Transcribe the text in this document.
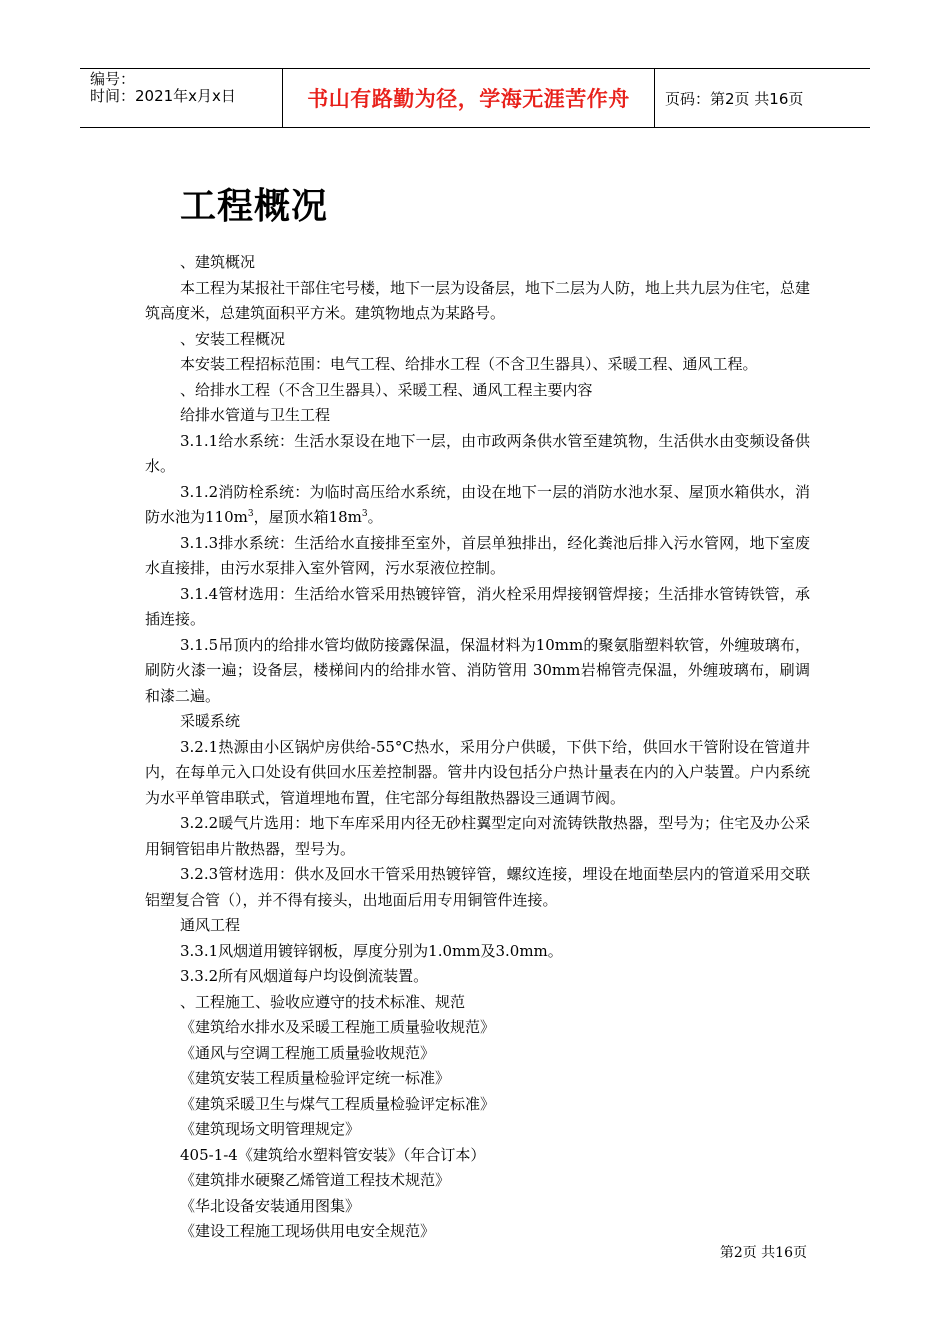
编号：
时间：2021年x月x日	书山有路勤为径，学海无涯苦作舟	页码：第2页 共16页
工程概况

、建筑概况

本工程为某报社干部住宅号楼，地下一层为设备层，地下二层为人防，地上共九层为住宅，总建筑高度米，总建筑面积平方米。建筑物地点为某路号。

、安装工程概况

本安装工程招标范围：电气工程、给排水工程（不含卫生器具）、采暖工程、通风工程。

、给排水工程（不含卫生器具）、采暖工程、通风工程主要内容

给排水管道与卫生工程

3.1.1给水系统：生活水泵设在地下一层，由市政两条供水管至建筑物，生活供水由变频设备供水。

3.1.2消防栓系统：为临时高压给水系统，由设在地下一层的消防水池水泵、屋顶水箱供水，消防水池为$110m^3$，屋顶水箱$18m^3$。

3.1.3排水系统：生活给水直接排至室外，首层单独排出，经化粪池后排入污水管网，地下室废水直接排，由污水泵排入室外管网，污水泵液位控制。

3.1.4管材选用：生活给水管采用热镀锌管，消火栓采用焊接钢管焊接；生活排水管铸铁管，承插连接。

3.1.5吊顶内的给排水管均做防接露保温，保温材料为10mm的聚氨脂塑料软管，外缠玻璃布，刷防火漆一遍；设备层，楼梯间内的给排水管、消防管用 30mm岩棉管壳保温，外缠玻璃布，刷调和漆二遍。

采暖系统

3.2.1热源由小区锅炉房供给-55°C热水，采用分户供暖，下供下给，供回水干管附设在管道井内，在每单元入口处设有供回水压差控制器。管井内设包括分户热计量表在内的入户装置。户内系统为水平单管串联式，管道埋地布置，住宅部分每组散热器设三通调节阀。

3.2.2暖气片选用：地下车库采用内径无砂柱翼型定向对流铸铁散热器，型号为；住宅及办公采用铜管铝串片散热器，型号为。

3.2.3管材选用：供水及回水干管采用热镀锌管，螺纹连接，埋设在地面垫层内的管道采用交联铝塑复合管（），并不得有接头，出地面后用专用铜管件连接。

通风工程

3.3.1风烟道用镀锌钢板，厚度分别为1.0mm及3.0mm。

3.3.2所有风烟道每户均设倒流装置。

、工程施工、验收应遵守的技术标准、规范

《建筑给水排水及采暖工程施工质量验收规范》

《通风与空调工程施工质量验收规范》

《建筑安装工程质量检验评定统一标准》

《建筑采暖卫生与煤气工程质量检验评定标准》

《建筑现场文明管理规定》

405-1-4《建筑给水塑料管安装》（年合订本）

《建筑排水硬聚乙烯管道工程技术规范》

《华北设备安装通用图集》

《建设工程施工现场供用电安全规范》

第2页 共16页
